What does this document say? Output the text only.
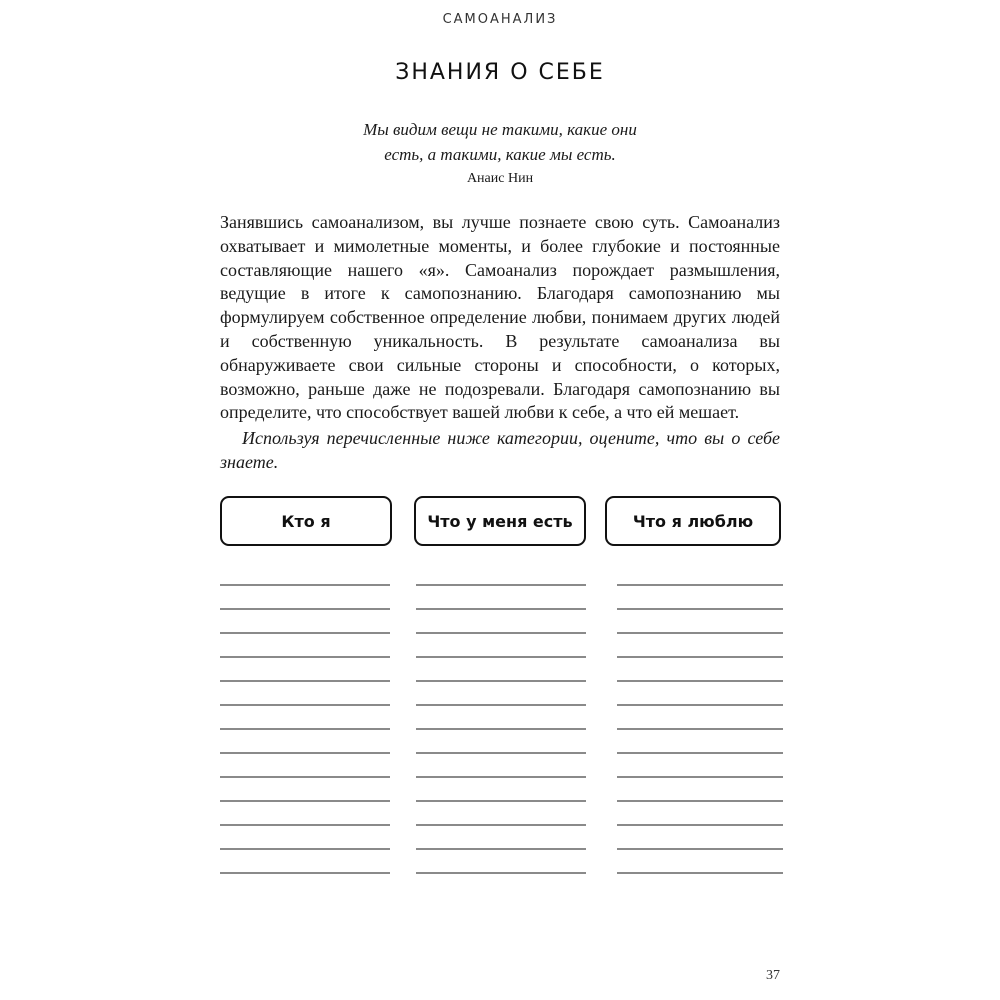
САМОАНАЛИЗ
ЗНАНИЯ О СЕБЕ
Мы видим вещи не такими, какие они
есть, а такими, какие мы есть.
Анаис Нин

Занявшись самоанализом, вы лучше познаете свою суть. Самоанализ охватывает и мимолетные моменты, и более глубокие и постоянные составляющие нашего «я». Самоанализ порождает размышления, ведущие в итоге к самопознанию. Благодаря самопознанию мы формулируем собственное определение любви, понимаем других людей и собственную уникальность. В результате самоанализа вы обнаруживаете свои сильные стороны и способности, о которых, возможно, раньше даже не подозревали. Благодаря самопознанию вы определите, что способствует вашей любви к себе, а что ей мешает.

Используя перечисленные ниже категории, оцените, что вы о себе знаете.

Кто я	Что у меня есть	Что я люблю
37
